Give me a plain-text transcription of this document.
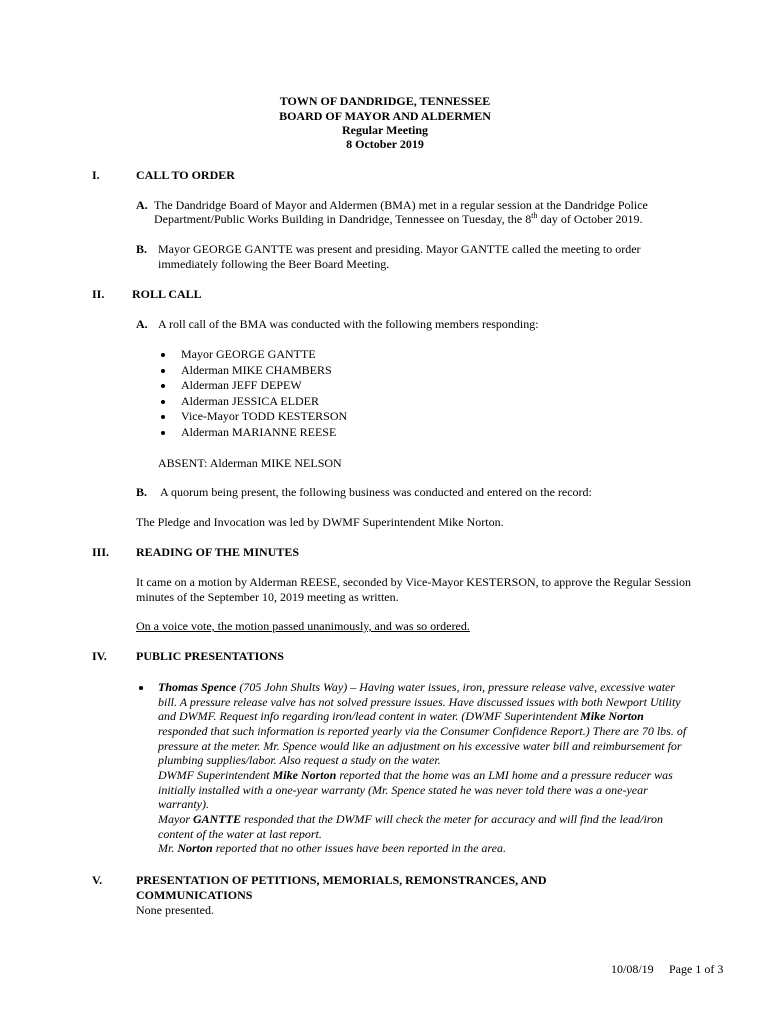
TOWN OF DANDRIDGE, TENNESSEE
BOARD OF MAYOR AND ALDERMEN
Regular Meeting
8 October 2019
I.	CALL TO ORDER
A. The Dandridge Board of Mayor and Aldermen (BMA) met in a regular session at the Dandridge Police
Department/Public Works Building in Dandridge, Tennessee on Tuesday, the 8th day of October 2019.
B. Mayor GEORGE GANTTE was present and presiding. Mayor GANTTE called the meeting to order
immediately following the Beer Board Meeting.
II. ROLL CALL
A. A roll call of the BMA was conducted with the following members responding:
Mayor GEORGE GANTTE
Alderman MIKE CHAMBERS
Alderman JEFF DEPEW
Alderman JESSICA ELDER
Vice-Mayor TODD KESTERSON
Alderman MARIANNE REESE
ABSENT: Alderman MIKE NELSON
B. A quorum being present, the following business was conducted and entered on the record:
The Pledge and Invocation was led by DWMF Superintendent Mike Norton.
III. READING OF THE MINUTES
It came on a motion by Alderman REESE, seconded by Vice-Mayor KESTERSON, to approve the Regular Session
minutes of the September 10, 2019 meeting as written.
On a voice vote, the motion passed unanimously, and was so ordered.
IV. PUBLIC PRESENTATIONS
Thomas Spence (705 John Shults Way) – Having water issues, iron, pressure release valve, excessive water
bill. A pressure release valve has not solved pressure issues. Have discussed issues with both Newport Utility
and DWMF. Request info regarding iron/lead content in water. (DWMF Superintendent Mike Norton
responded that such information is reported yearly via the Consumer Confidence Report.) There are 70 lbs. of
pressure at the meter. Mr. Spence would like an adjustment on his excessive water bill and reimbursement for
plumbing supplies/labor. Also request a study on the water.
DWMF Superintendent Mike Norton reported that the home was an LMI home and a pressure reducer was
initially installed with a one-year warranty (Mr. Spence stated he was never told there was a one-year
warranty).
Mayor GANTTE responded that the DWMF will check the meter for accuracy and will find the lead/iron
content of the water at last report.
Mr. Norton reported that no other issues have been reported in the area.
V.	PRESENTATION OF PETITIONS, MEMORIALS, REMONSTRANCES, AND
COMMUNICATIONS
None presented.
10/08/19 Page 1 of 3
